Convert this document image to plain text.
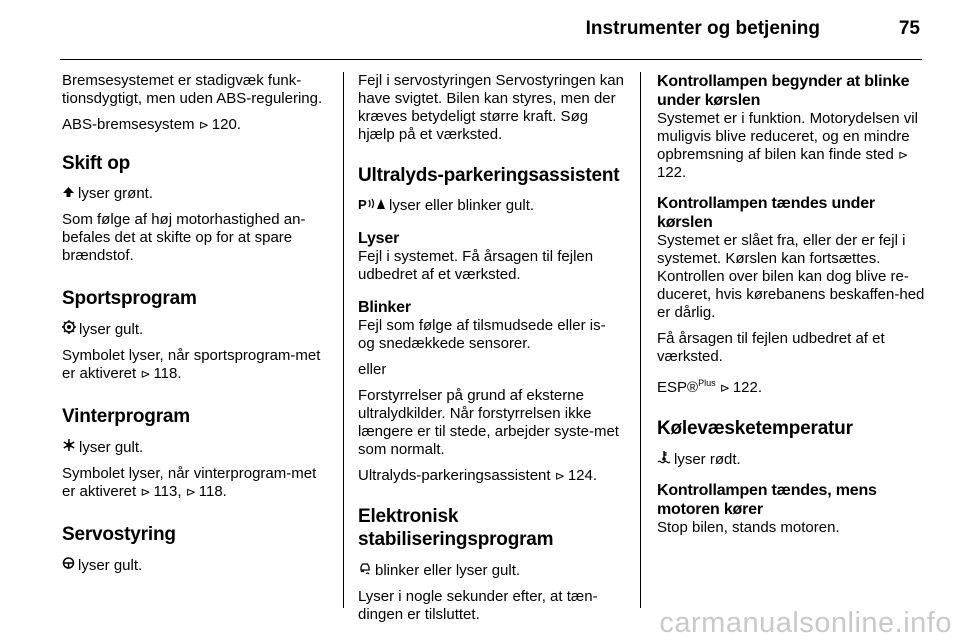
Instrumenter og betjening	75

Bremsesystemet er stadigvæk funk-tionsdygtigt, men uden ABS-regulering.

ABS-bremsesystem ⊳ 120.

Skift op

lyser grønt.

Som følge af høj motorhastighed an-befales det at skifte op for at spare brændstof.

Sportsprogram

lyser gult.

Symbolet lyser, når sportsprogram-met er aktiveret ⊳ 118.

Vinterprogram

lyser gult.

Symbolet lyser, når vinterprogram-met er aktiveret ⊳ 113, ⊳ 118.

Servostyring

lyser gult.

Fejl i servostyringen Servostyringen kan have svigtet. Bilen kan styres, men der kræves betydeligt større kraft. Søg hjælp på et værksted.

Ultralyds-parkeringsassistent

P lyser eller blinker gult.

Lyser

Fejl i systemet. Få årsagen til fejlen udbedret af et værksted.

Blinker

Fejl som følge af tilsmudsede eller is- og snedækkede sensorer.

eller

Forstyrrelser på grund af eksterne ultralydkilder. Når forstyrrelsen ikke længere er til stede, arbejder syste-met som normalt.

Ultralyds-parkeringsassistent ⊳ 124.

Elektronisk
stabiliseringsprogram

blinker eller lyser gult.

Lyser i nogle sekunder efter, at tæn-dingen er tilsluttet.

Kontrollampen begynder at blinke under kørslen

Systemet er i funktion. Motorydelsen vil muligvis blive reduceret, og en mindre opbremsning af bilen kan finde sted ⊳122.

Kontrollampen tændes under kørslen

Systemet er slået fra, eller der er fejl i systemet. Kørslen kan fortsættes. Kontrollen over bilen kan dog blive re-duceret, hvis kørebanens beskaffen-hed er dårlig.

Få årsagen til fejlen udbedret af et værksted.

ESP®$^{Plus}$ ⊳ 122.

Kølevæsketemperatur

lyser rødt.

Kontrollampen tændes, mens motoren kører

Stop bilen, stands motoren.

carmanualsonline.info
